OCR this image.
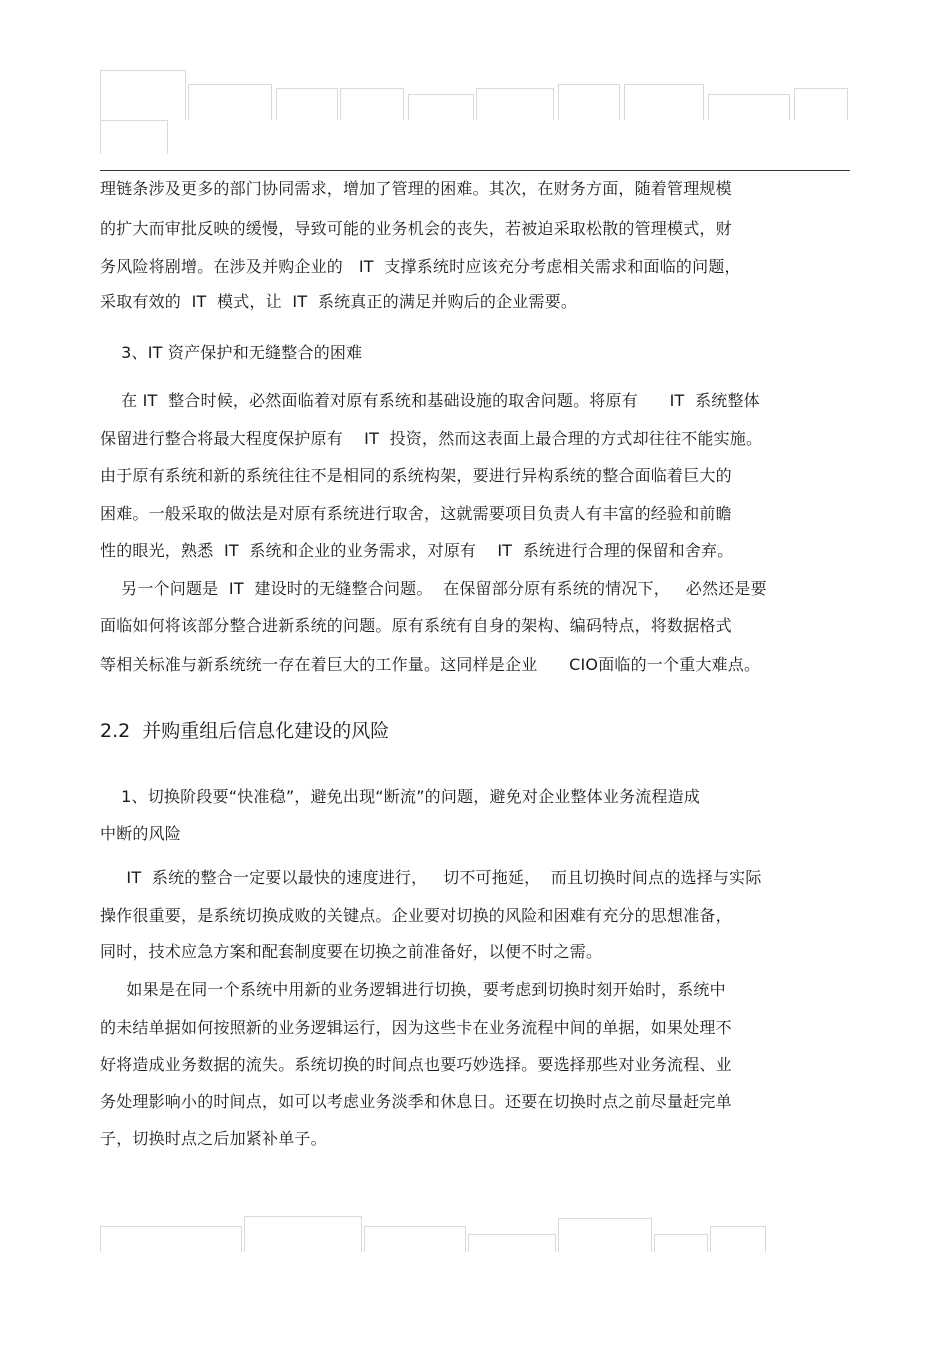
理链条涉及更多的部门协同需求，增加了管理的困难。其次，在财务方面，随着管理规模
的扩大而审批反映的缓慢，导致可能的业务机会的丧失，若被迫采取松散的管理模式，财
务风险将剧增。在涉及并购企业的   IT  支撑系统时应该充分考虑相关需求和面临的问题，
采取有效的  IT  模式，让  IT  系统真正的满足并购后的企业需要。
3、IT 资产保护和无缝整合的困难
在 IT  整合时候，必然面临着对原有系统和基础设施的取舍问题。将原有      IT  系统整体
保留进行整合将最大程度保护原有    IT  投资，然而这表面上最合理的方式却往往不能实施。
由于原有系统和新的系统往往不是相同的系统构架，要进行异构系统的整合面临着巨大的
困难。一般采取的做法是对原有系统进行取舍，这就需要项目负责人有丰富的经验和前瞻
性的眼光，熟悉  IT  系统和企业的业务需求，对原有    IT  系统进行合理的保留和舍弃。
另一个问题是  IT  建设时的无缝整合问题。  在保留部分原有系统的情况下，   必然还是要
面临如何将该部分整合进新系统的问题。原有系统有自身的架构、编码特点，将数据格式
等相关标准与新系统统一存在着巨大的工作量。这同样是企业      CIO面临的一个重大难点。
2.2  并购重组后信息化建设的风险
1、切换阶段要“快准稳”，避免出现“断流”的问题，避免对企业整体业务流程造成
中断的风险
IT  系统的整合一定要以最快的速度进行，   切不可拖延，  而且切换时间点的选择与实际
操作很重要，是系统切换成败的关键点。企业要对切换的风险和困难有充分的思想准备，
同时，技术应急方案和配套制度要在切换之前准备好，以便不时之需。
如果是在同一个系统中用新的业务逻辑进行切换，要考虑到切换时刻开始时，系统中
的未结单据如何按照新的业务逻辑运行，因为这些卡在业务流程中间的单据，如果处理不
好将造成业务数据的流失。系统切换的时间点也要巧妙选择。要选择那些对业务流程、业
务处理影响小的时间点，如可以考虑业务淡季和休息日。还要在切换时点之前尽量赶完单
子，切换时点之后加紧补单子。
